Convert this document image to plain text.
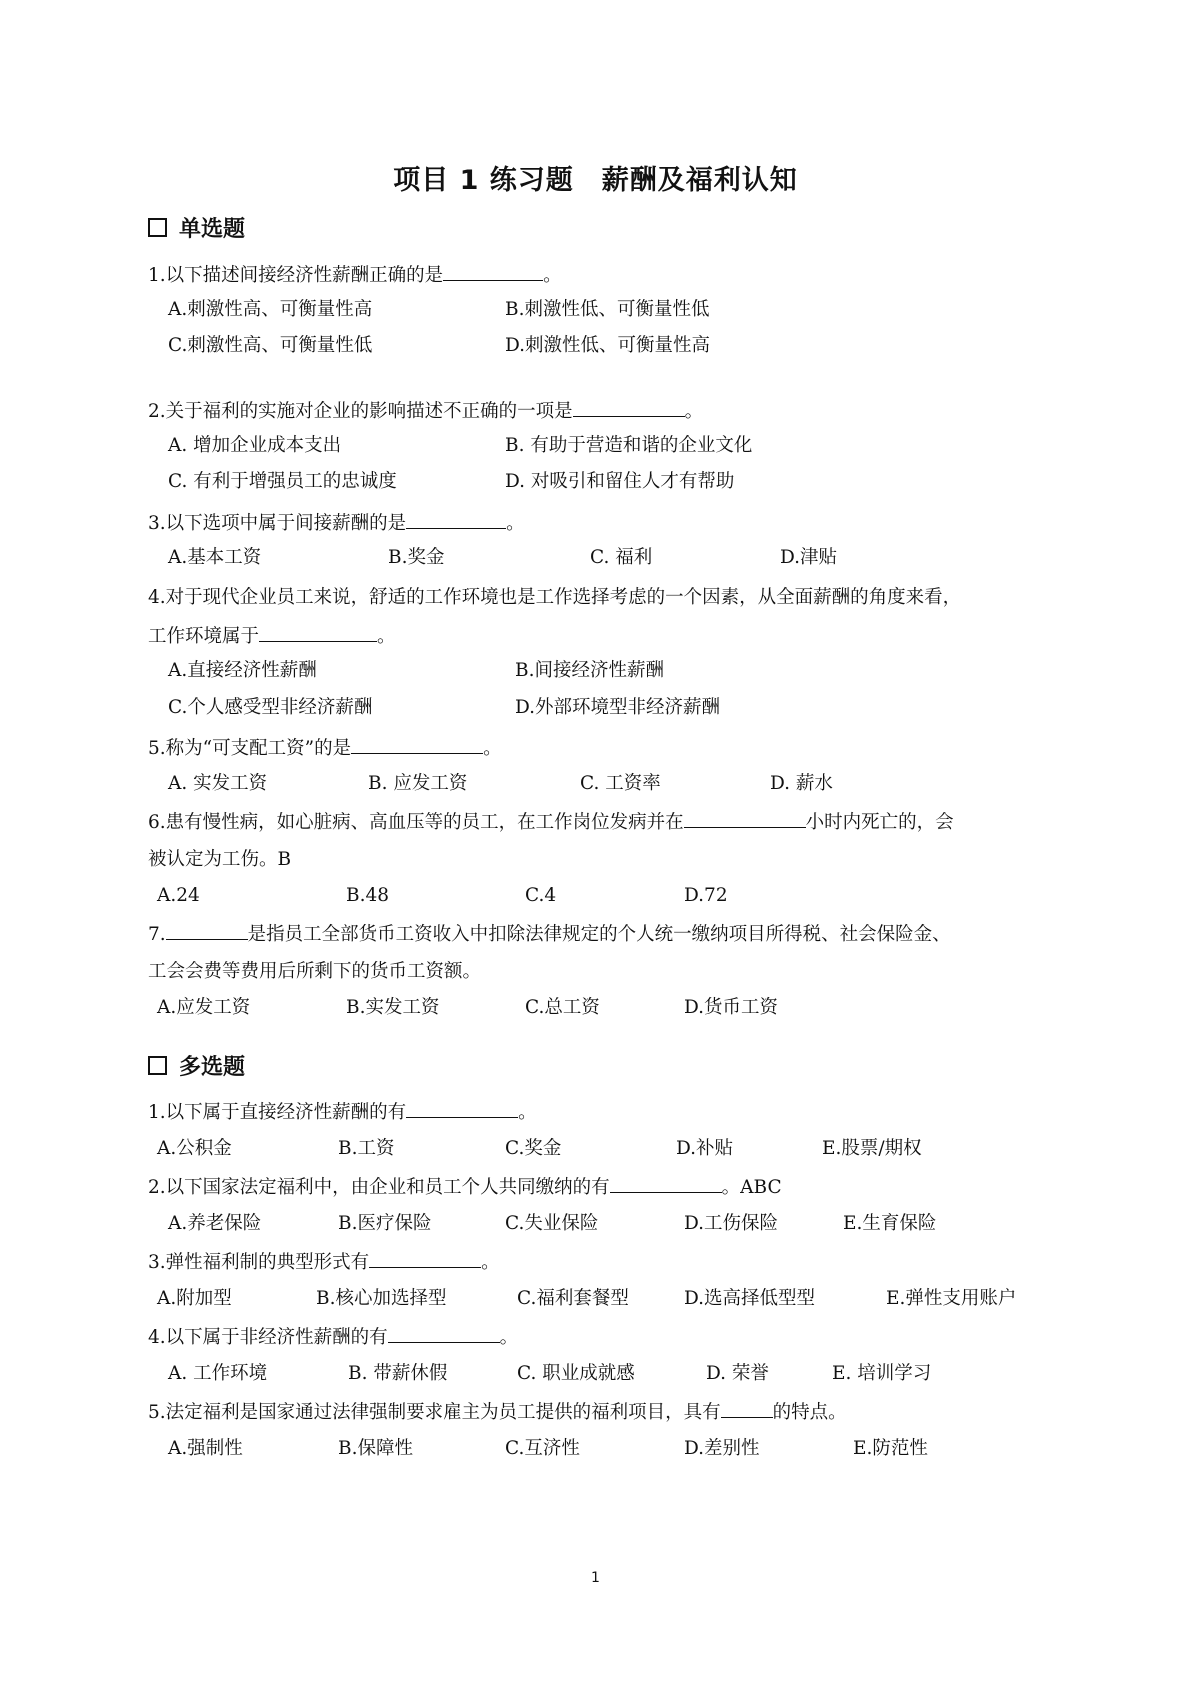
项目 1 练习题　薪酬及福利认知
单选题
1.以下描述间接经济性薪酬正确的是	。
A.刺激性高、可衡量性高	B.刺激性低、可衡量性低
C.刺激性高、可衡量性低	D.刺激性低、可衡量性高
2.关于福利的实施对企业的影响描述不正确的一项是	。
A. 增加企业成本支出	B. 有助于营造和谐的企业文化
C. 有利于增强员工的忠诚度	D. 对吸引和留住人才有帮助
3.以下选项中属于间接薪酬的是	。
A.基本工资	B.奖金	C. 福利	D.津贴
4.对于现代企业员工来说，舒适的工作环境也是工作选择考虑的一个因素，从全面薪酬的角度来看，
工作环境属于	。
A.直接经济性薪酬	B.间接经济性薪酬
C.个人感受型非经济薪酬	D.外部环境型非经济薪酬
5.称为“可支配工资”的是	。
A. 实发工资	B. 应发工资	C. 工资率	D. 薪水
6.患有慢性病，如心脏病、高血压等的员工，在工作岗位发病并在	小时内死亡的，会
被认定为工伤。B
A.24	B.48	C.4	D.72
7.	是指员工全部货币工资收入中扣除法律规定的个人统一缴纳项目所得税、社会保险金、
工会会费等费用后所剩下的货币工资额。
A.应发工资	B.实发工资	C.总工资	D.货币工资
多选题
1.以下属于直接经济性薪酬的有	。
A.公积金	B.工资	C.奖金	D.补贴	E.股票/期权
2.以下国家法定福利中，由企业和员工个人共同缴纳的有	。ABC
A.养老保险	B.医疗保险	C.失业保险	D.工伤保险	E.生育保险
3.弹性福利制的典型形式有	。
A.附加型	B.核心加选择型	C.福利套餐型	D.选高择低型型	E.弹性支用账户
4.以下属于非经济性薪酬的有	。
A. 工作环境	B. 带薪休假	C. 职业成就感	D. 荣誉	E. 培训学习
5.法定福利是国家通过法律强制要求雇主为员工提供的福利项目，具有	的特点。
A.强制性	B.保障性	C.互济性	D.差别性	E.防范性
1
